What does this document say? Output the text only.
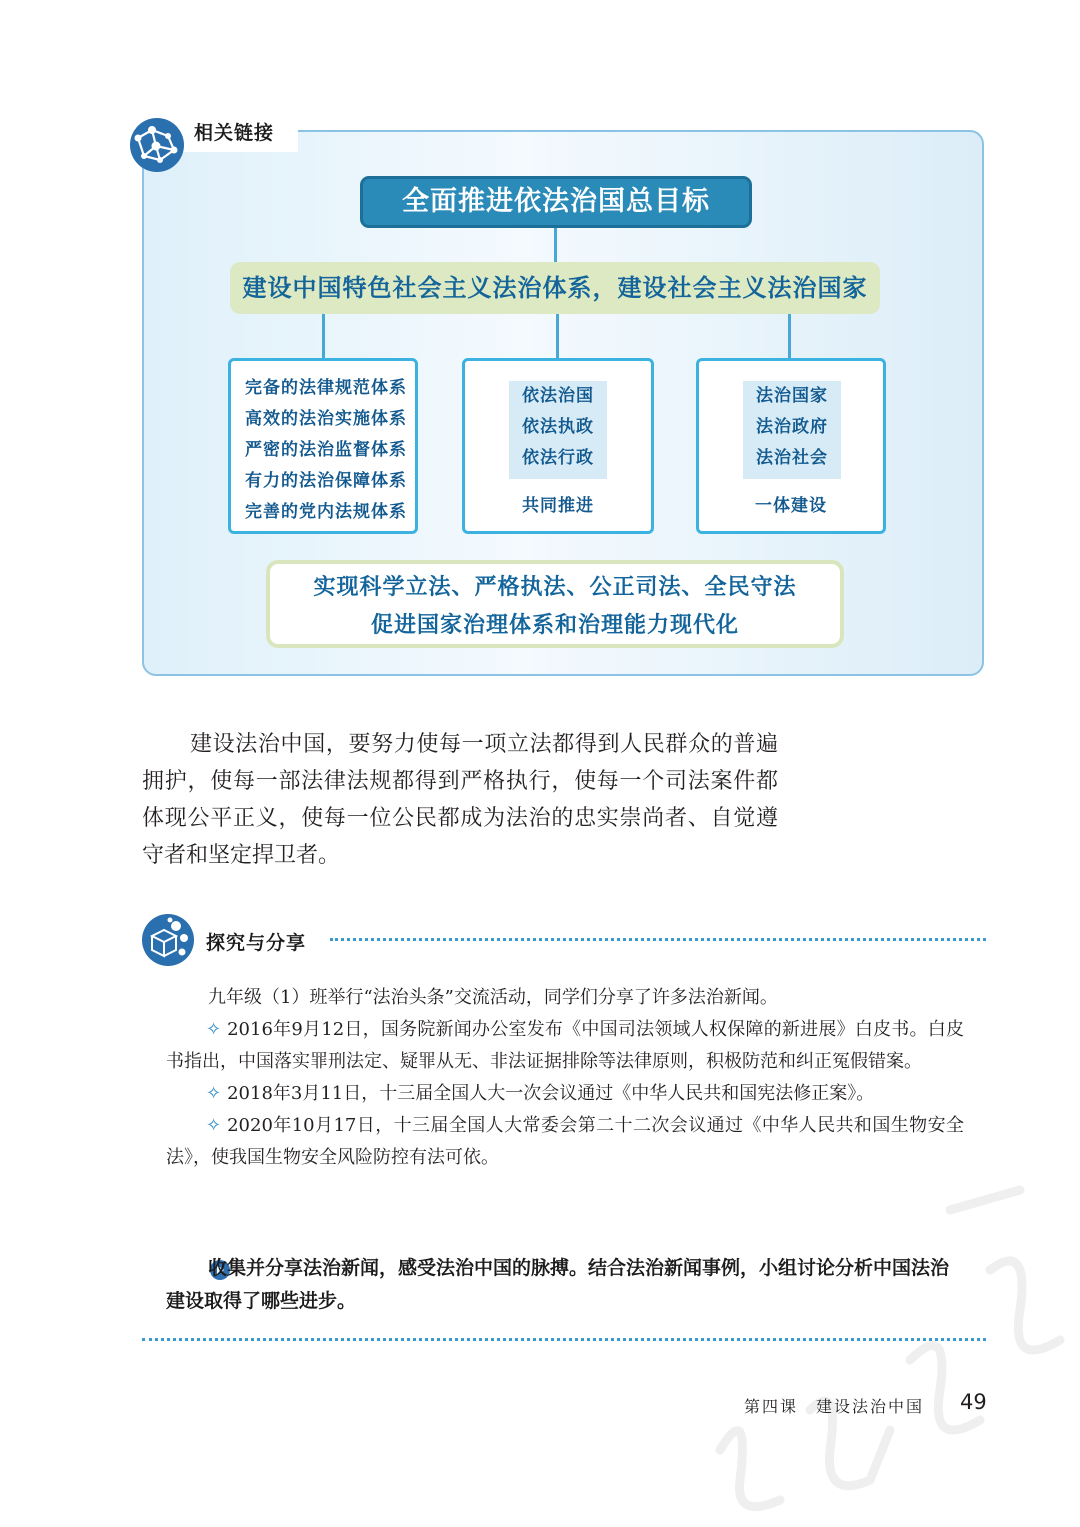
相关链接
全面推进依法治国总目标
建设中国特色社会主义法治体系，建设社会主义法治国家
完备的法律规范体系
高效的法治实施体系
严密的法治监督体系
有力的法治保障体系
完善的党内法规体系
依法治国
依法执政
依法行政
共同推进
法治国家
法治政府
法治社会
一体建设
实现科学立法、严格执法、公正司法、全民守法
促进国家治理体系和治理能力现代化

建设法治中国，要努力使每一项立法都得到人民群众的普遍拥护，使每一部法律法规都得到严格执行，使每一个司法案件都体现公平正义，使每一位公民都成为法治的忠实崇尚者、自觉遵守者和坚定捍卫者。

探究与分享

九年级（1）班举行“法治头条”交流活动，同学们分享了许多法治新闻。

✧ 2016年9月12日，国务院新闻办公室发布《中国司法领域人权保障的新进展》白皮书。白皮书指出，中国落实罪刑法定、疑罪从无、非法证据排除等法律原则，积极防范和纠正冤假错案。

✧ 2018年3月11日，十三届全国人大一次会议通过《中华人民共和国宪法修正案》。

✧ 2020年10月17日，十三届全国人大常委会第二十二次会议通过《中华人民共和国生物安全法》，使我国生物安全风险防控有法可依。

收集并分享法治新闻，感受法治中国的脉搏。结合法治新闻事例，小组讨论分析中国法治建设取得了哪些进步。

第四课　建设法治中国 49
